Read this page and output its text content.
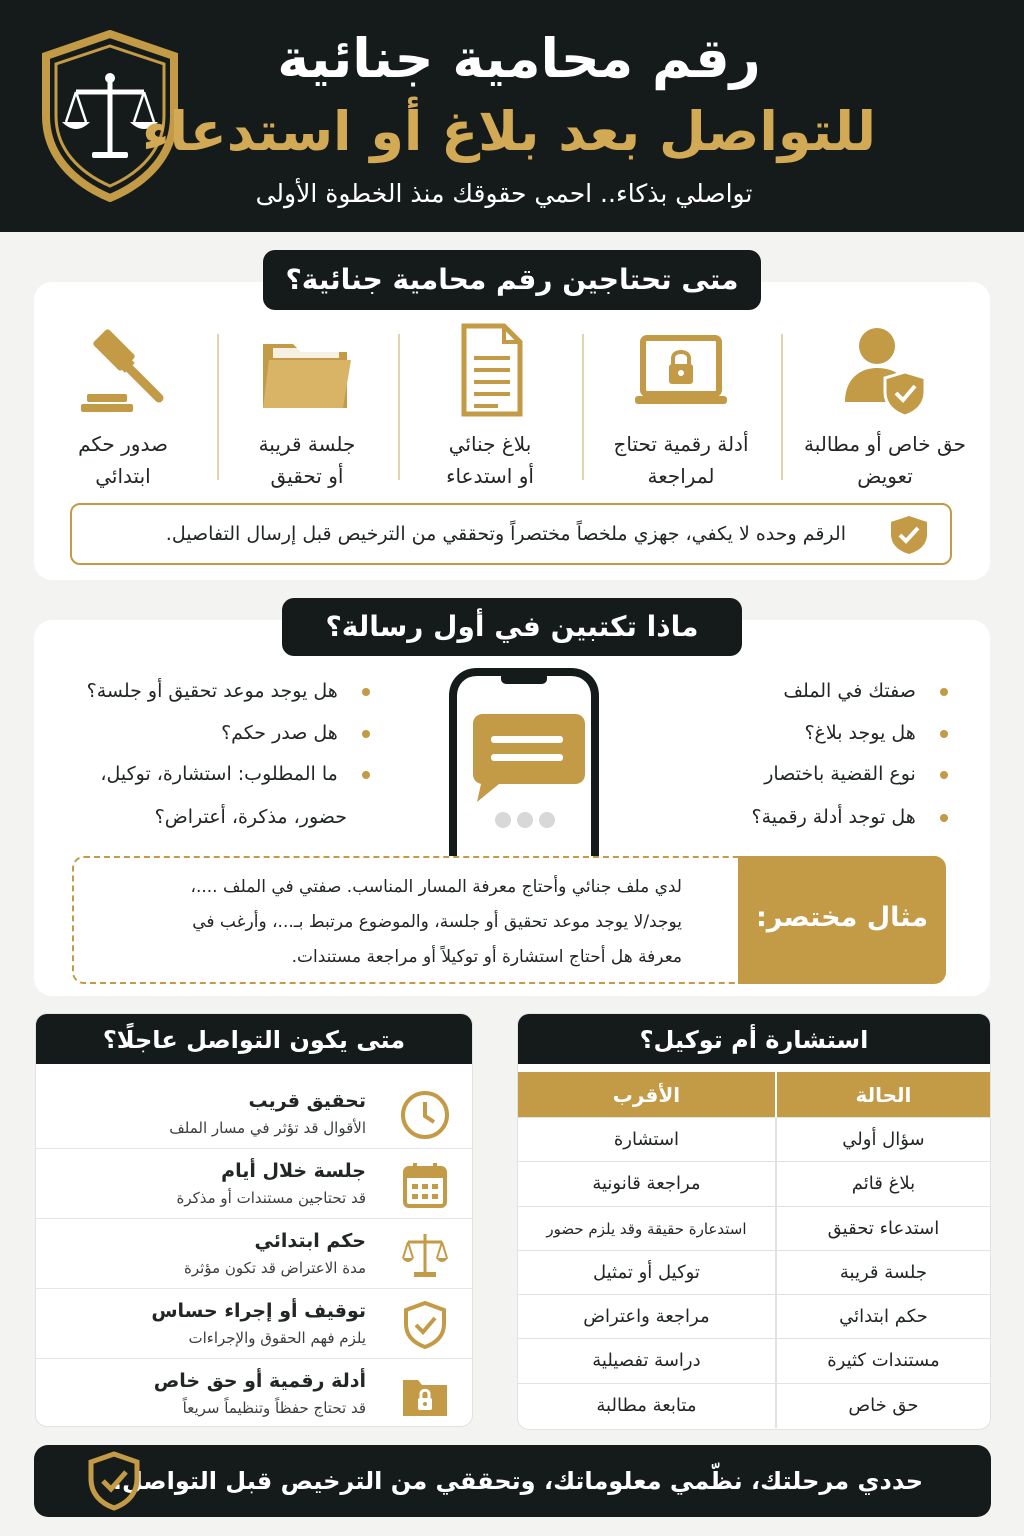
رقم محامية جنائية
للتواصل بعد بلاغ أو استدعاء
تواصلي بذكاء.. احمي حقوقك منذ الخطوة الأولى
متى تحتاجين رقم محامية جنائية؟
حق خاص أو مطالبة
تعويض
أدلة رقمية تحتاج
لمراجعة
بلاغ جنائي
أو استدعاء
جلسة قريبة
أو تحقيق
صدور حكم
ابتدائي
الرقم وحده لا يكفي، جهزي ملخصاً مختصراً وتحققي من الترخيص قبل إرسال التفاصيل.
ماذا تكتبين في أول رسالة؟
صفتك في الملف
هل يوجد بلاغ؟
نوع القضية باختصار
هل توجد أدلة رقمية؟
هل يوجد موعد تحقيق أو جلسة؟
هل صدر حكم؟
ما المطلوب: استشارة، توكيل،
حضور، مذكرة، أعتراض؟
مثال مختصر:
لدي ملف جنائي وأحتاج معرفة المسار المناسب. صفتي في الملف ....،
يوجد/لا يوجد موعد تحقيق أو جلسة، والموضوع مرتبط بـ...، وأرغب في
معرفة هل أحتاج استشارة أو توكيلاً أو مراجعة مستندات.
متى يكون التواصل عاجلًا؟
تحقيق قريب
الأقوال قد تؤثر في مسار الملف
جلسة خلال أيام
قد تحتاجين مستندات أو مذكرة
حكم ابتدائي
مدة الاعتراض قد تكون مؤثرة
توقيف أو إجراء حساس
يلزم فهم الحقوق والإجراءات
أدلة رقمية أو حق خاص
قد تحتاج حفظاً وتنظيماً سريعاً
استشارة أم توكيل؟
الحالة
الأقرب
سؤال أولي
استشارة
بلاغ قائم
مراجعة قانونية
استدعاء تحقيق
استدعارة حقيقة وقد يلزم حضور
جلسة قريبة
توكيل أو تمثيل
حكم ابتدائي
مراجعة واعتراض
مستندات كثيرة
دراسة تفصيلية
حق خاص
متابعة مطالبة
حددي مرحلتك، نظّمي معلوماتك، وتحققي من الترخيص قبل التواصل.
